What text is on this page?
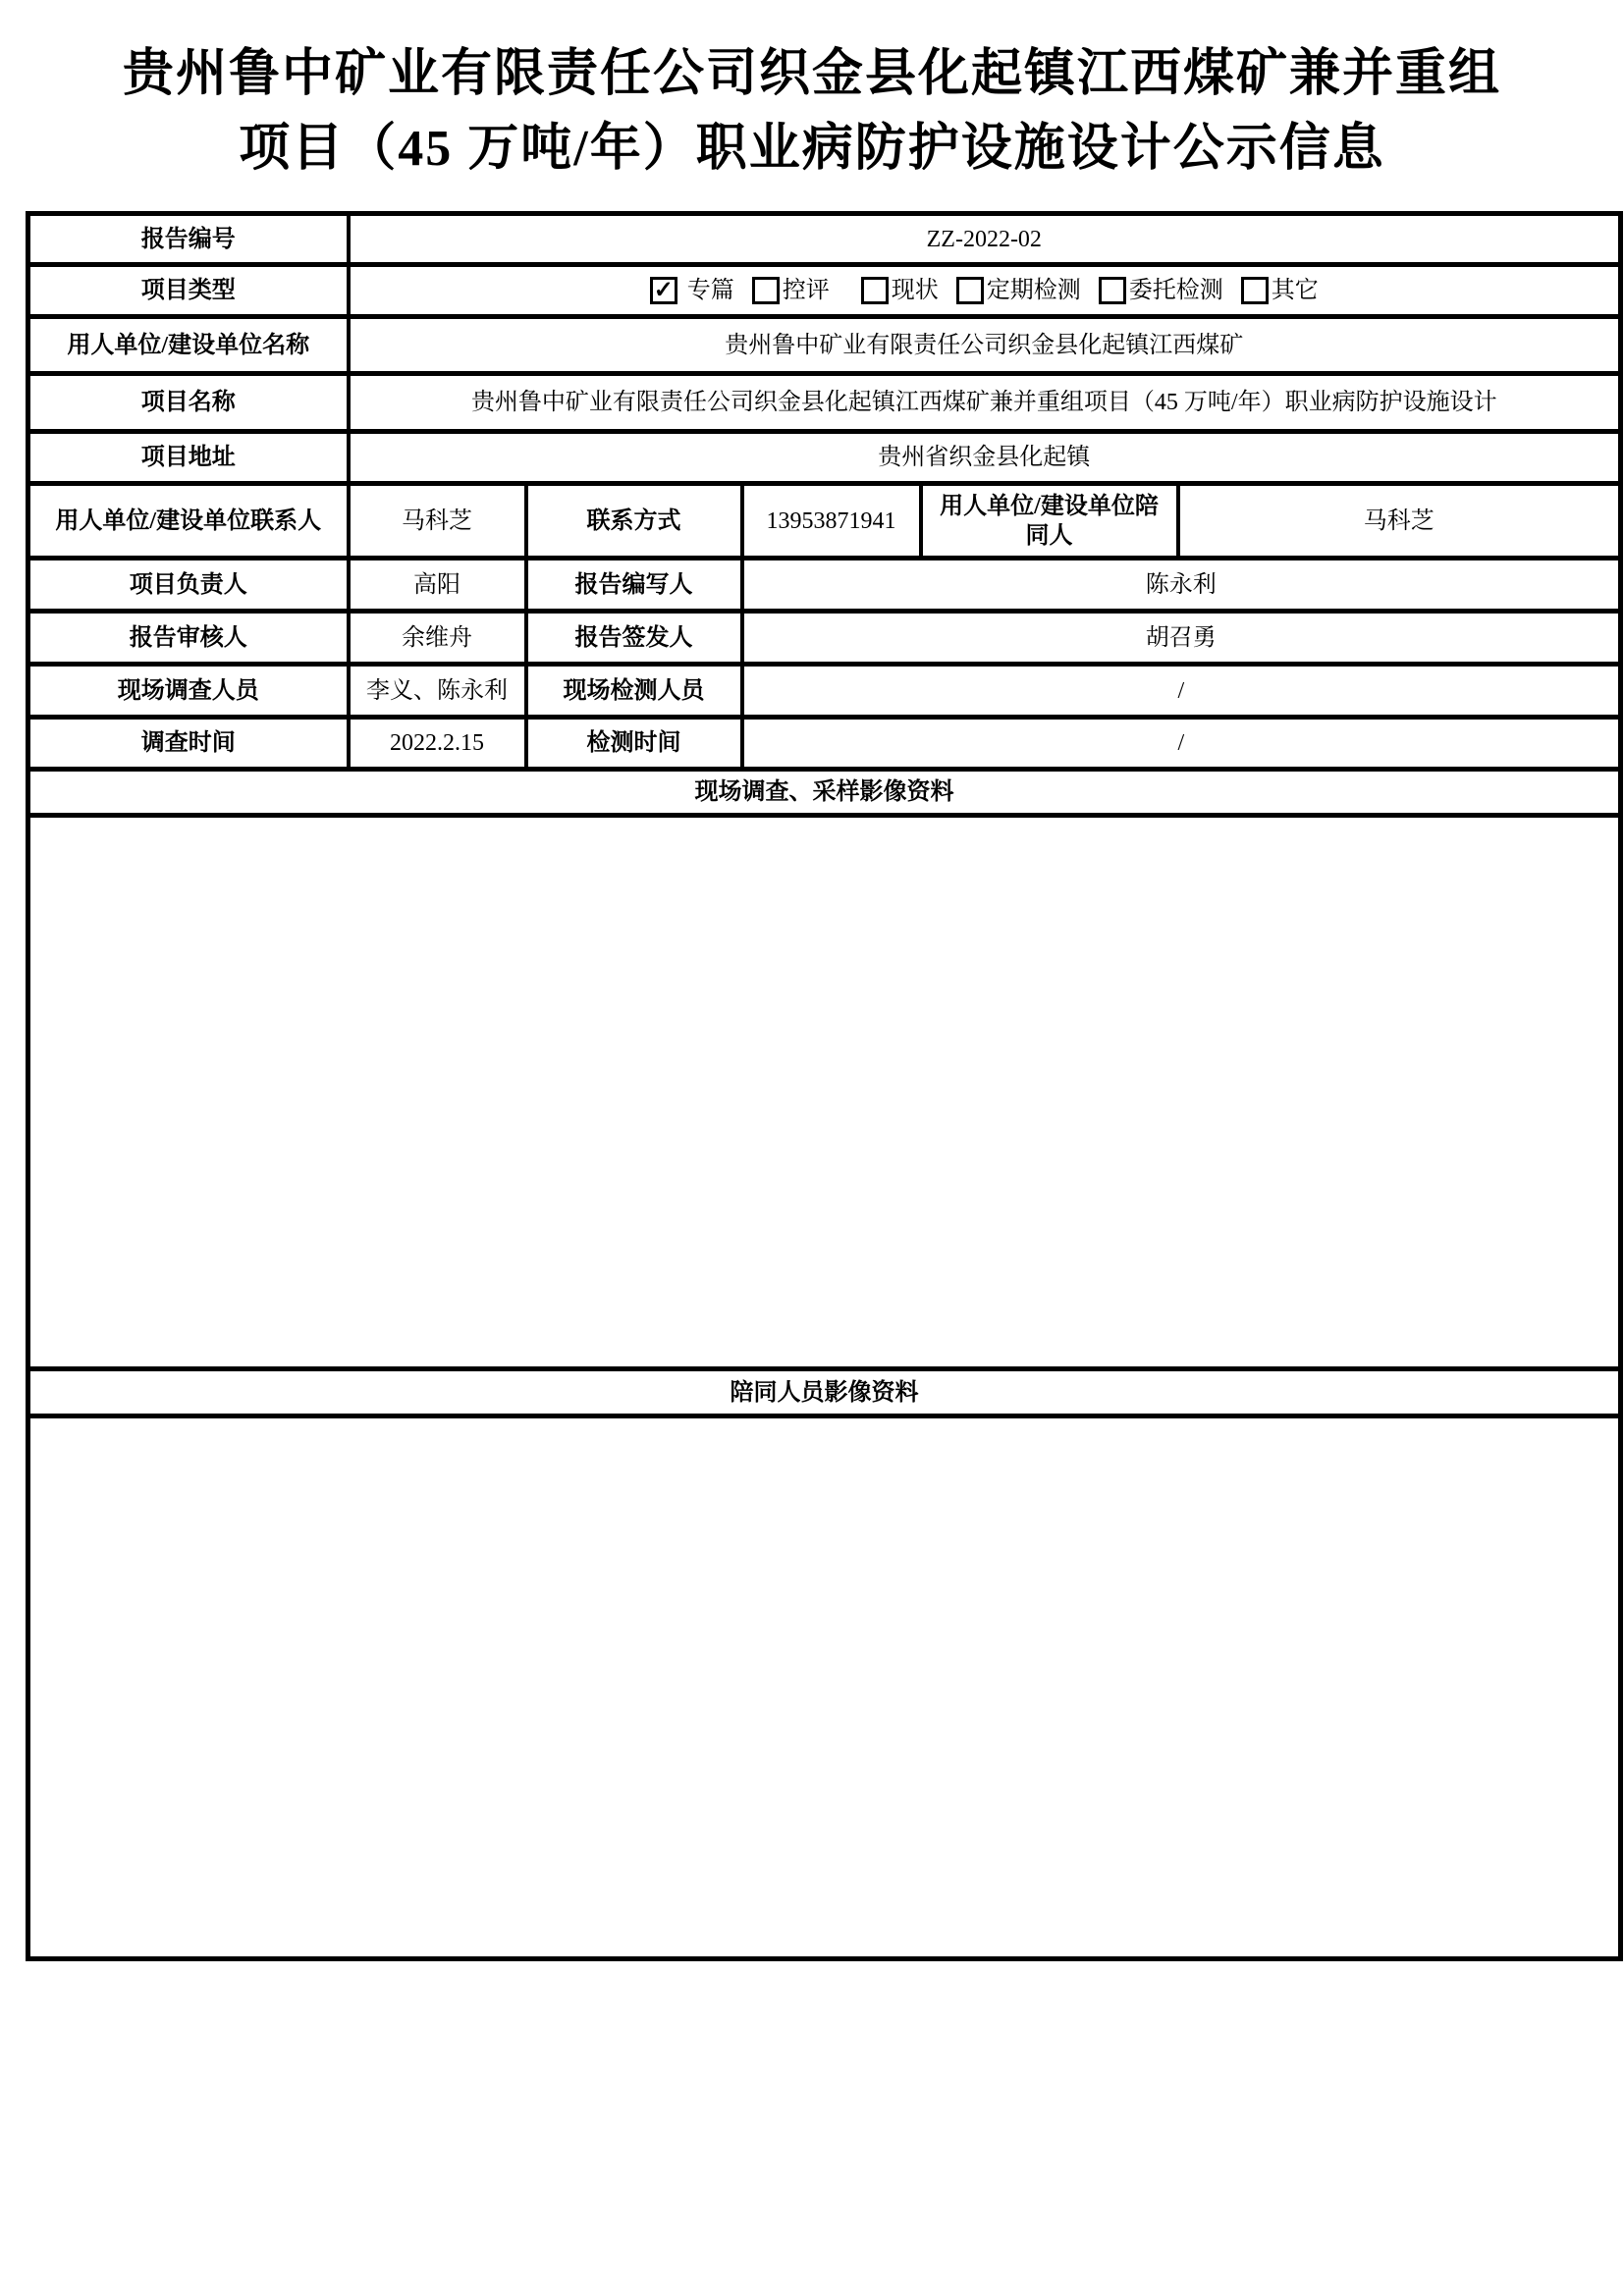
贵州鲁中矿业有限责任公司织金县化起镇江西煤矿兼并重组
项目（45 万吨/年）职业病防护设施设计公示信息
报告编号	ZZ-2022-02				
项目类型	✓ 专篇 控评	现状 定期检测 委托检测 其它

用人单位/建设单位名称	贵州鲁中矿业有限责任公司织金县化起镇江西煤矿				
项目名称	贵州鲁中矿业有限责任公司织金县化起镇江西煤矿兼并重组项目（45 万吨/年）职业病防护设施设计				
项目地址	贵州省织金县化起镇				
用人单位/建设单位联系人	马科芝	联系方式	13953871941	用人单位/建设单位陪同人	马科芝
项目负责人	高阳	报告编写人	陈永利		
报告审核人	余维舟	报告签发人	胡召勇		
现场调查人员	李义、陈永利	现场检测人员	/		
调查时间	2022.2.15	检测时间	/		
现场调查、采样影像资料					

陪同人员影像资料					
